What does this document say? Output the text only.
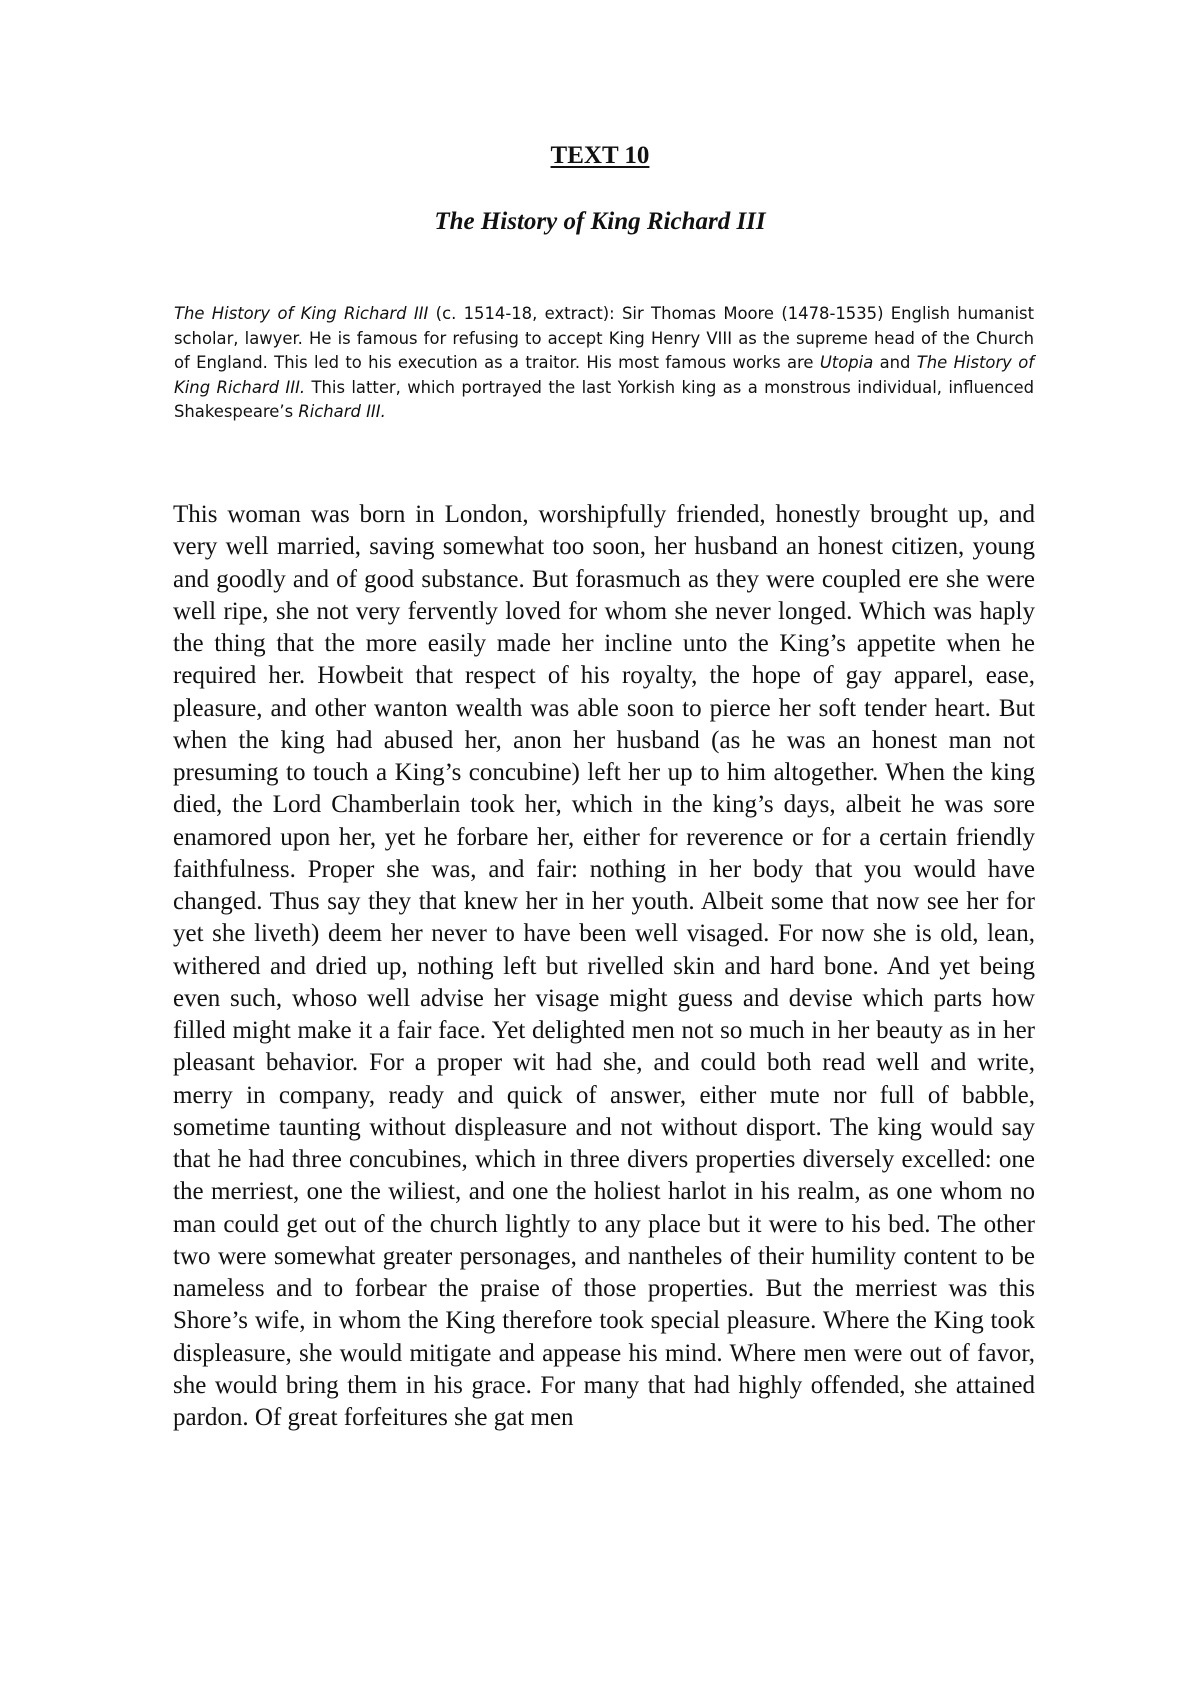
TEXT 10
The History of King Richard III

The History of King Richard III (c. 1514-18, extract): Sir Thomas Moore (1478-1535) English humanist scholar, lawyer. He is famous for refusing to accept King Henry VIII as the supreme head of the Church of England. This led to his execution as a traitor. His most famous works are Utopia and The History of King Richard III. This latter, which portrayed the last Yorkish king as a monstrous individual, influenced Shakespeare’s Richard III.

This woman was born in London, worshipfully friended, honestly brought up, and very well married, saving somewhat too soon, her husband an honest citizen, young and goodly and of good substance. But forasmuch as they were coupled ere she were well ripe, she not very fervently loved for whom she never longed. Which was haply the thing that the more easily made her incline unto the King’s appetite when he required her. Howbeit that respect of his royalty, the hope of gay apparel, ease, pleasure, and other wanton wealth was able soon to pierce her soft tender heart. But when the king had abused her, anon her husband (as he was an honest man not presuming to touch a King’s concubine) left her up to him altogether. When the king died, the Lord Chamberlain took her, which in the king’s days, albeit he was sore enamored upon her, yet he forbare her, either for reverence or for a certain friendly faithfulness. Proper she was, and fair: nothing in her body that you would have changed. Thus say they that knew her in her youth. Albeit some that now see her for yet she liveth) deem her never to have been well visaged. For now she is old, lean, withered and dried up, nothing left but rivelled skin and hard bone. And yet being even such, whoso well advise her visage might guess and devise which parts how filled might make it a fair face. Yet delighted men not so much in her beauty as in her pleasant behavior. For a proper wit had she, and could both read well and write, merry in company, ready and quick of answer, either mute nor full of babble, sometime taunting without displeasure and not without disport. The king would say that he had three concubines, which in three divers properties diversely excelled: one the merriest, one the wiliest, and one the holiest harlot in his realm, as one whom no man could get out of the church lightly to any place but it were to his bed. The other two were somewhat greater personages, and nantheles of their humility content to be nameless and to forbear the praise of those properties. But the merriest was this Shore’s wife, in whom the King therefore took special pleasure. Where the King took displeasure, she would mitigate and appease his mind. Where men were out of favor, she would bring them in his grace. For many that had highly offended, she attained pardon. Of great forfeitures she gat men
